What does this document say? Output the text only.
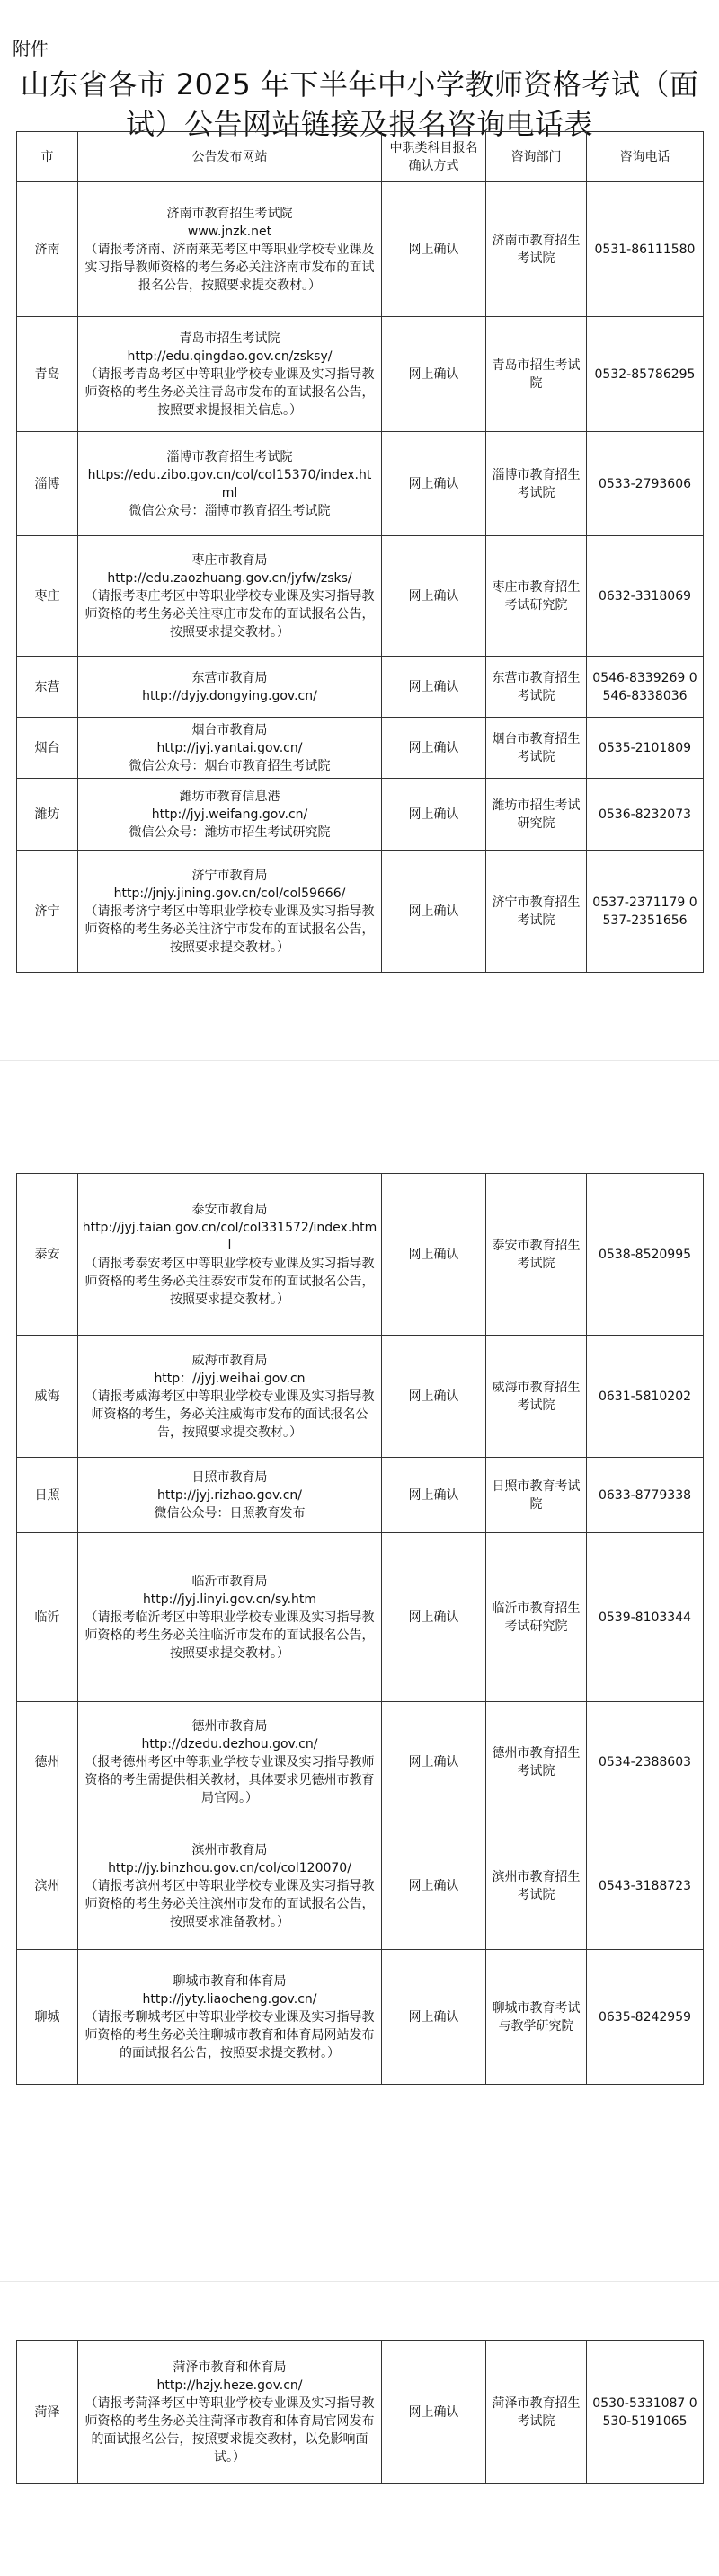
附件
山东省各市 2025 年下半年中小学教师资格考试（面试）公告网站链接及报名咨询电话表
市	公告发布网站	中职类科目报名确认方式	咨询部门	咨询电话
济南	济南市教育招生考试院
www.jnzk.net
（请报考济南、济南莱芜考区中等职业学校专业课及实习指导教师资格的考生务必关注济南市发布的面试报名公告，按照要求提交教材。）	网上确认	济南市教育招生考试院	0531-86111580
青岛	青岛市招生考试院
http://edu.qingdao.gov.cn/zsksy/
（请报考青岛考区中等职业学校专业课及实习指导教师资格的考生务必关注青岛市发布的面试报名公告，按照要求提报相关信息。）	网上确认	青岛市招生考试院	0532-85786295
淄博	淄博市教育招生考试院
https://edu.zibo.gov.cn/col/col15370/index.html
微信公众号：淄博市教育招生考试院	网上确认	淄博市教育招生考试院	0533-2793606
枣庄	枣庄市教育局
http://edu.zaozhuang.gov.cn/jyfw/zsks/
（请报考枣庄考区中等职业学校专业课及实习指导教师资格的考生务必关注枣庄市发布的面试报名公告，按照要求提交教材。）	网上确认	枣庄市教育招生考试研究院	0632-3318069
东营	东营市教育局
http://dyjy.dongying.gov.cn/	网上确认	东营市教育招生考试院	0546-8339269 0546-8338036
烟台	烟台市教育局
http://jyj.yantai.gov.cn/
微信公众号：烟台市教育招生考试院	网上确认	烟台市教育招生考试院	0535-2101809
潍坊	潍坊市教育信息港
http://jyj.weifang.gov.cn/
微信公众号：潍坊市招生考试研究院	网上确认	潍坊市招生考试研究院	0536-8232073
济宁	济宁市教育局
http://jnjy.jining.gov.cn/col/col59666/
（请报考济宁考区中等职业学校专业课及实习指导教师资格的考生务必关注济宁市发布的面试报名公告，按照要求提交教材。）	网上确认	济宁市教育招生考试院	0537-2371179 0537-2351656
泰安	泰安市教育局
http://jyj.taian.gov.cn/col/col331572/index.html
（请报考泰安考区中等职业学校专业课及实习指导教师资格的考生务必关注泰安市发布的面试报名公告，按照要求提交教材。）	网上确认	泰安市教育招生考试院	0538-8520995
威海	威海市教育局
http：//jyj.weihai.gov.cn
（请报考威海考区中等职业学校专业课及实习指导教师资格的考生，务必关注威海市发布的面试报名公告，按照要求提交教材。）	网上确认	威海市教育招生考试院	0631-5810202
日照	日照市教育局
http://jyj.rizhao.gov.cn/
微信公众号：日照教育发布	网上确认	日照市教育考试院	0633-8779338
临沂	临沂市教育局
http://jyj.linyi.gov.cn/sy.htm
（请报考临沂考区中等职业学校专业课及实习指导教师资格的考生务必关注临沂市发布的面试报名公告，按照要求提交教材。）	网上确认	临沂市教育招生考试研究院	0539-8103344
德州	德州市教育局
http://dzedu.dezhou.gov.cn/
（报考德州考区中等职业学校专业课及实习指导教师资格的考生需提供相关教材，具体要求见德州市教育局官网。）	网上确认	德州市教育招生考试院	0534-2388603
滨州	滨州市教育局
http://jy.binzhou.gov.cn/col/col120070/
（请报考滨州考区中等职业学校专业课及实习指导教师资格的考生务必关注滨州市发布的面试报名公告，按照要求准备教材。）	网上确认	滨州市教育招生考试院	0543-3188723
聊城	聊城市教育和体育局
http://jyty.liaocheng.gov.cn/
（请报考聊城考区中等职业学校专业课及实习指导教师资格的考生务必关注聊城市教育和体育局网站发布的面试报名公告，按照要求提交教材。）	网上确认	聊城市教育考试与教学研究院	0635-8242959
菏泽	
菏泽市教育和体育局
http://hzjy.heze.gov.cn/
（请报考菏泽考区中等职业学校专业课及实习指导教师资格的考生务必关注菏泽市教育和体育局官网发布的面试报名公告，按照要求提交教材，以免影响面试。）
	网上确认	菏泽市教育招生考试院	0530-5331087 0530-5191065
